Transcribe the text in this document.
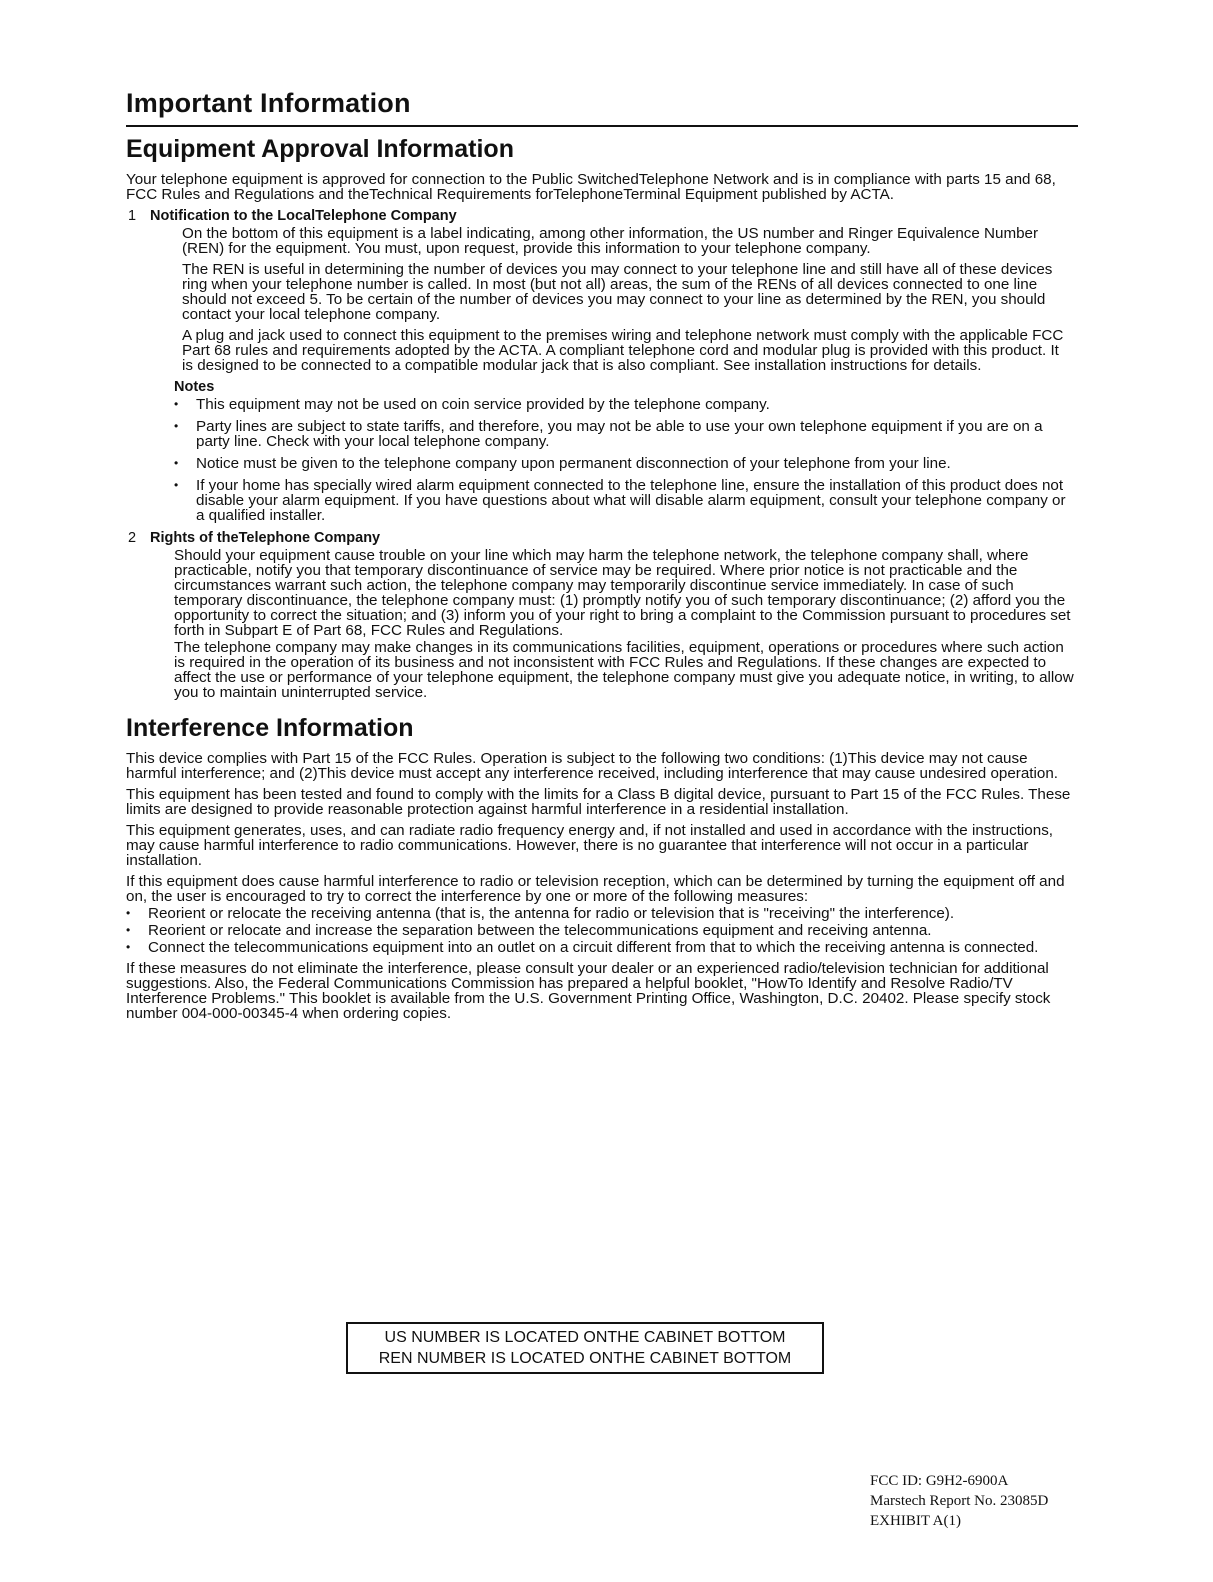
Important Information
Equipment Approval Information

Your telephone equipment is approved for connection to the Public SwitchedTelephone Network and is in compliance with parts 15 and 68, FCC Rules and Regulations and theTechnical Requirements forTelephoneTerminal Equipment published by ACTA.

1 Notification to the LocalTelephone Company

On the bottom of this equipment is a label indicating, among other information, the US number and Ringer Equivalence Number (REN) for the equipment. You must, upon request, provide this information to your telephone company.

The REN is useful in determining the number of devices you may connect to your telephone line and still have all of these devices ring when your telephone number is called. In most (but not all) areas, the sum of the RENs of all devices connected to one line should not exceed 5. To be certain of the number of devices you may connect to your line as determined by the REN, you should contact your local telephone company.

A plug and jack used to connect this equipment to the premises wiring and telephone network must comply with the applicable FCC Part 68 rules and requirements adopted by the ACTA. A compliant telephone cord and modular plug is provided with this product. It is designed to be connected to a compatible modular jack that is also compliant. See installation instructions for details.

Notes
• This equipment may not be used on coin service provided by the telephone company.
• Party lines are subject to state tariffs, and therefore, you may not be able to use your own telephone equipment if you are on a party line. Check with your local telephone company.
• Notice must be given to the telephone company upon permanent disconnection of your telephone from your line.
• If your home has specially wired alarm equipment connected to the telephone line, ensure the installation of this product does not disable your alarm equipment. If you have questions about what will disable alarm equipment, consult your telephone company or a qualified installer.
2 Rights of theTelephone Company

Should your equipment cause trouble on your line which may harm the telephone network, the telephone company shall, where practicable, notify you that temporary discontinuance of service may be required. Where prior notice is not practicable and the circumstances warrant such action, the telephone company may temporarily discontinue service immediately. In case of such temporary discontinuance, the telephone company must: (1) promptly notify you of such temporary discontinuance; (2) afford you the opportunity to correct the situation; and (3) inform you of your right to bring a complaint to the Commission pursuant to procedures set forth in Subpart E of Part 68, FCC Rules and Regulations.

The telephone company may make changes in its communications facilities, equipment, operations or procedures where such action is required in the operation of its business and not inconsistent with FCC Rules and Regulations. If these changes are expected to affect the use or performance of your telephone equipment, the telephone company must give you adequate notice, in writing, to allow you to maintain uninterrupted service.

Interference Information

This device complies with Part 15 of the FCC Rules. Operation is subject to the following two conditions: (1)This device may not cause harmful interference; and (2)This device must accept any interference received, including interference that may cause undesired operation.

This equipment has been tested and found to comply with the limits for a Class B digital device, pursuant to Part 15 of the FCC Rules. These limits are designed to provide reasonable protection against harmful interference in a residential installation.

This equipment generates, uses, and can radiate radio frequency energy and, if not installed and used in accordance with the instructions, may cause harmful interference to radio communications. However, there is no guarantee that interference will not occur in a particular installation.

If this equipment does cause harmful interference to radio or television reception, which can be determined by turning the equipment off and on, the user is encouraged to try to correct the interference by one or more of the following measures:

• Reorient or relocate the receiving antenna (that is, the antenna for radio or television that is "receiving" the interference).
• Reorient or relocate and increase the separation between the telecommunications equipment and receiving antenna.
• Connect the telecommunications equipment into an outlet on a circuit different from that to which the receiving antenna is connected.

If these measures do not eliminate the interference, please consult your dealer or an experienced radio/television technician for additional suggestions. Also, the Federal Communications Commission has prepared a helpful booklet, "HowTo Identify and Resolve Radio/TV Interference Problems." This booklet is available from the U.S. Government Printing Office, Washington, D.C. 20402. Please specify stock number 004-000-00345-4 when ordering copies.

US NUMBER IS LOCATED ONTHE CABINET BOTTOM
REN NUMBER IS LOCATED ONTHE CABINET BOTTOM
FCC ID: G9H2-6900A
Marstech Report No. 23085D
EXHIBIT A(1)
